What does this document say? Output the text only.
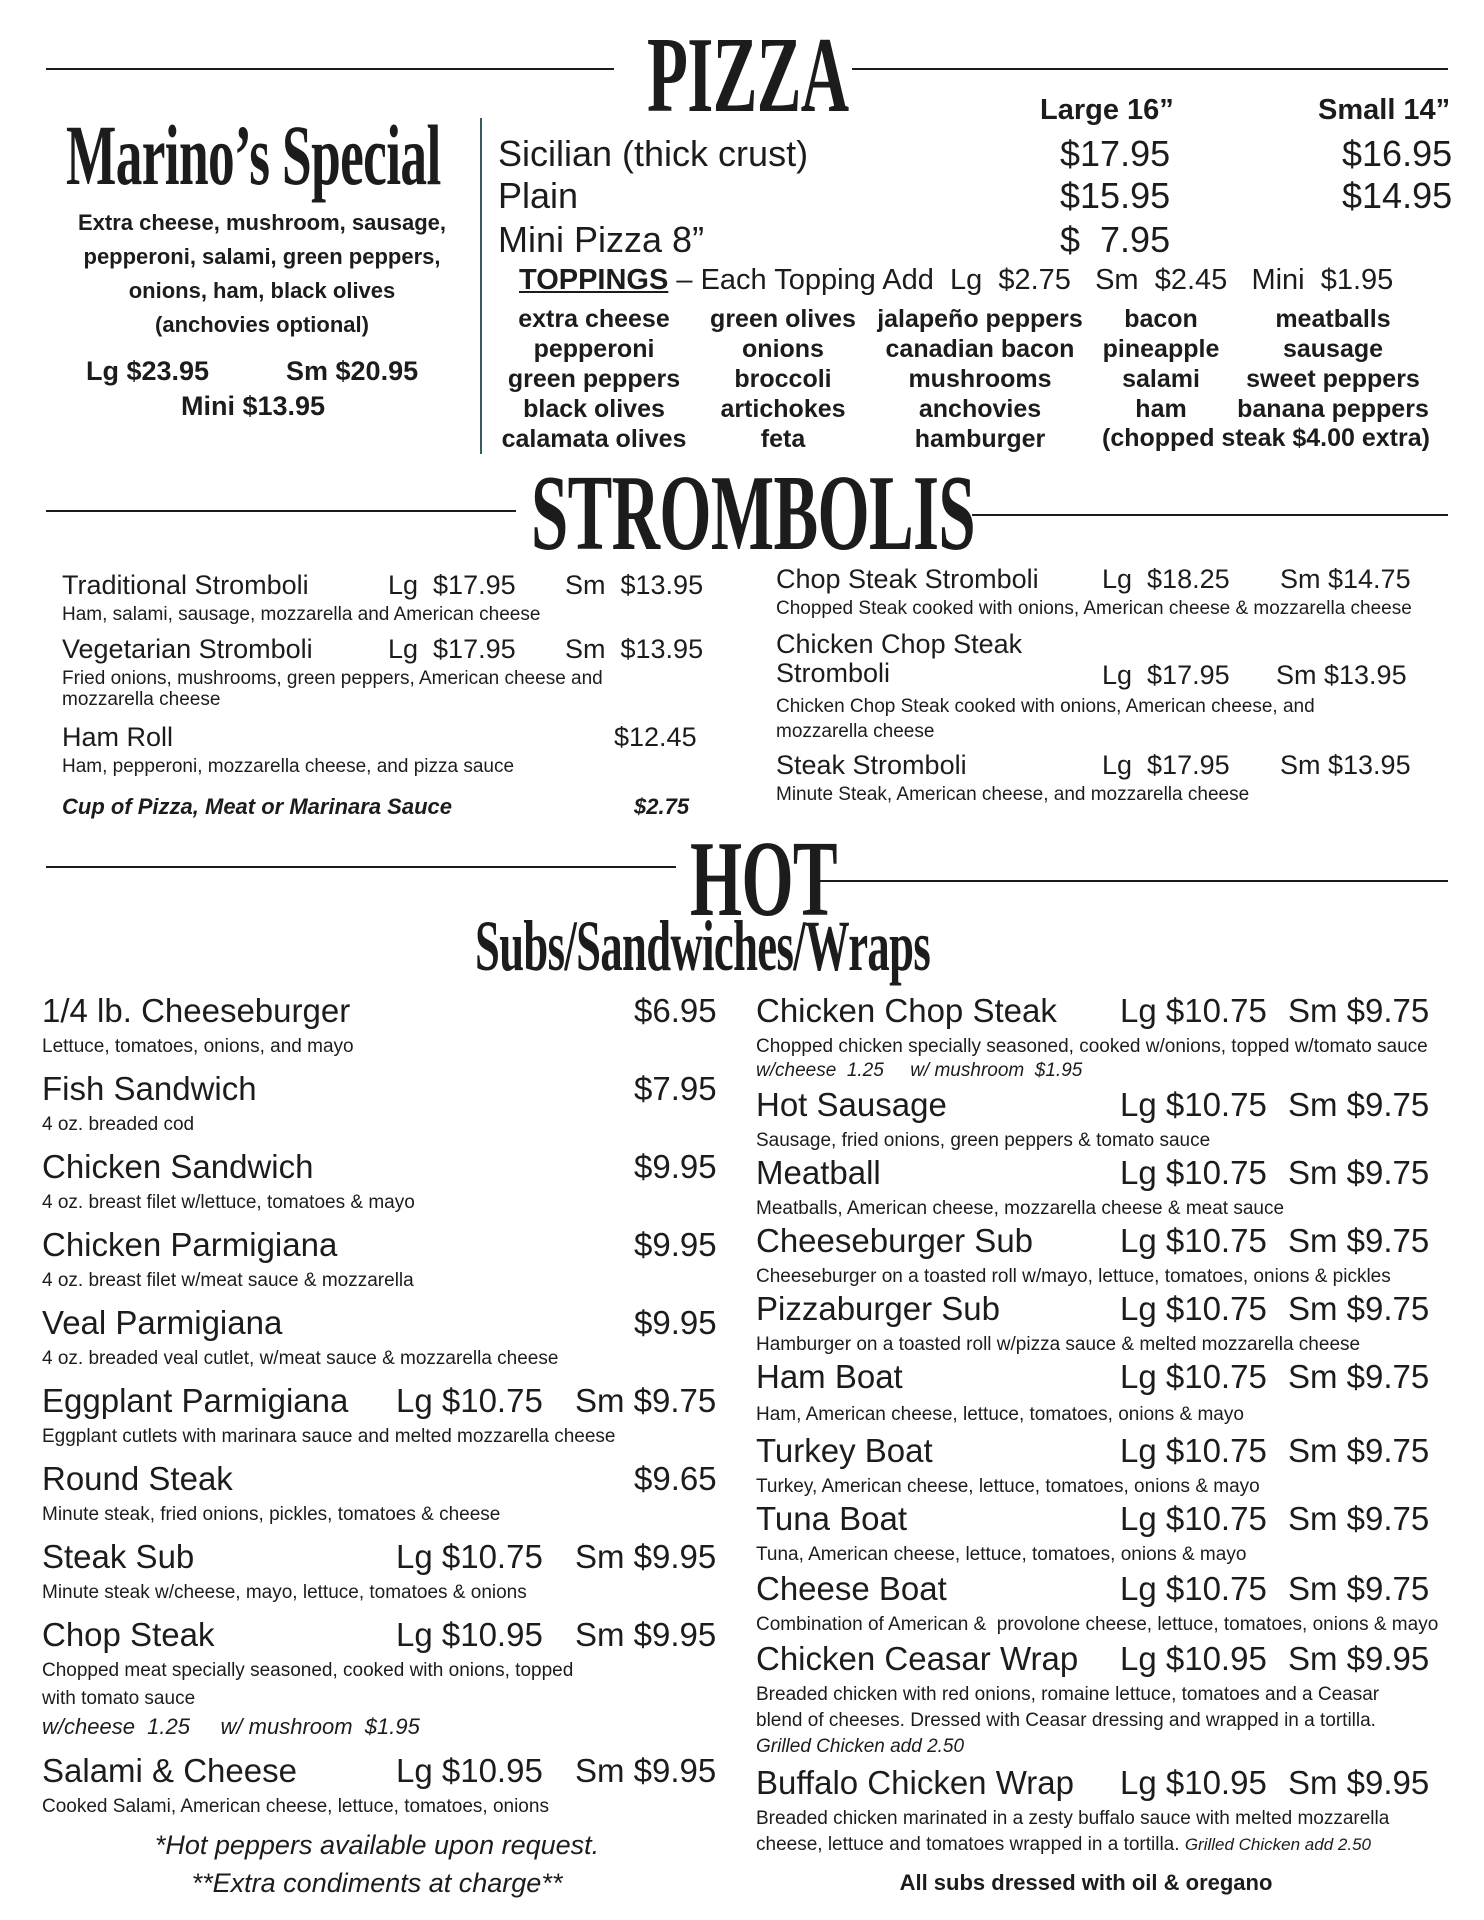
PIZZA
Marino’s Special
Extra cheese, mushroom, sausage,
pepperoni, salami, green peppers,
onions, ham, black olives
(anchovies optional)
Lg $23.95	Sm $20.95
Mini $13.95
Large 16”	Small 14”
Sicilian (thick crust)	$17.95	$16.95
Plain	$15.95	$14.95
Mini Pizza 8”	$  7.95
TOPPINGS – Each Topping Add  Lg  $2.75   Sm  $2.45   Mini  $1.95
extra cheese
pepperoni
green peppers
black olives
calamata olives
green olives
onions
broccoli
artichokes
feta
jalapeño peppers
canadian bacon
mushrooms
anchovies
hamburger
bacon
pineapple
salami
ham
meatballs
sausage
sweet peppers
banana peppers
(chopped steak $4.00 extra)
STROMBOLIS
Traditional Stromboli	Lg  $17.95 Sm  $13.95
Ham, salami, sausage, mozzarella and American cheese
Vegetarian Stromboli	Lg  $17.95 Sm  $13.95
Fried onions, mushrooms, green peppers, American cheese and mozzarella cheese
Ham Roll	$12.45
Ham, pepperoni, mozzarella cheese, and pizza sauce
Cup of Pizza, Meat or Marinara Sauce	$2.75
Chop Steak Stromboli Lg  $18.25 Sm $14.75
Chopped Steak cooked with onions, American cheese & mozzarella cheese
Chicken Chop Steak Stromboli	Lg  $17.95 Sm $13.95
Chicken Chop Steak cooked with onions, American cheese, and mozzarella cheese
Steak Stromboli	Lg  $17.95 Sm $13.95
Minute Steak, American cheese, and mozzarella cheese
HOT
Subs/Sandwiches/Wraps
1/4 lb. Cheeseburger	$6.95
Lettuce, tomatoes, onions, and mayo
Fish Sandwich	$7.95
4 oz. breaded cod
Chicken Sandwich	$9.95
4 oz. breast filet w/lettuce, tomatoes & mayo
Chicken Parmigiana	$9.95
4 oz. breast filet w/meat sauce & mozzarella
Veal Parmigiana	$9.95
4 oz. breaded veal cutlet, w/meat sauce & mozzarella cheese
Eggplant Parmigiana Lg $10.75 Sm $9.75
Eggplant cutlets with marinara sauce and melted mozzarella cheese
Round Steak	$9.65
Minute steak, fried onions, pickles, tomatoes & cheese
Steak Sub	Lg $10.75 Sm $9.95
Minute steak w/cheese, mayo, lettuce, tomatoes & onions
Chop Steak	Lg $10.95 Sm $9.95
Chopped meat specially seasoned, cooked with onions, topped
with tomato sauce
w/cheese  1.25     w/ mushroom  $1.95
Salami & Cheese	Lg $10.95 Sm $9.95
Cooked Salami, American cheese, lettuce, tomatoes, onions
*Hot peppers available upon request.
**Extra condiments at charge**
Chicken Chop Steak Lg $10.75 Sm $9.75
Chopped chicken specially seasoned, cooked w/onions, topped w/tomato sauce
w/cheese  1.25     w/ mushroom  $1.95
Hot Sausage	Lg $10.75 Sm $9.75
Sausage, fried onions, green peppers & tomato sauce
Meatball	Lg $10.75 Sm $9.75
Meatballs, American cheese, mozzarella cheese & meat sauce
Cheeseburger Sub	Lg $10.75 Sm $9.75
Cheeseburger on a toasted roll w/mayo, lettuce, tomatoes, onions & pickles
Pizzaburger Sub	Lg $10.75 Sm $9.75
Hamburger on a toasted roll w/pizza sauce & melted mozzarella cheese
Ham Boat	Lg $10.75 Sm $9.75
Ham, American cheese, lettuce, tomatoes, onions & mayo
Turkey Boat	Lg $10.75 Sm $9.75
Turkey, American cheese, lettuce, tomatoes, onions & mayo
Tuna Boat	Lg $10.75 Sm $9.75
Tuna, American cheese, lettuce, tomatoes, onions & mayo
Cheese Boat	Lg $10.75 Sm $9.75
Combination of American &  provolone cheese, lettuce, tomatoes, onions & mayo
Chicken Ceasar Wrap Lg $10.95 Sm $9.95
Breaded chicken with red onions, romaine lettuce, tomatoes and a Ceasar
blend of cheeses. Dressed with Ceasar dressing and wrapped in a tortilla.
Grilled Chicken add 2.50
Buffalo Chicken Wrap Lg $10.95 Sm $9.95
Breaded chicken marinated in a zesty buffalo sauce with melted mozzarella
cheese, lettuce and tomatoes wrapped in a tortilla. Grilled Chicken add 2.50
All subs dressed with oil & oregano
